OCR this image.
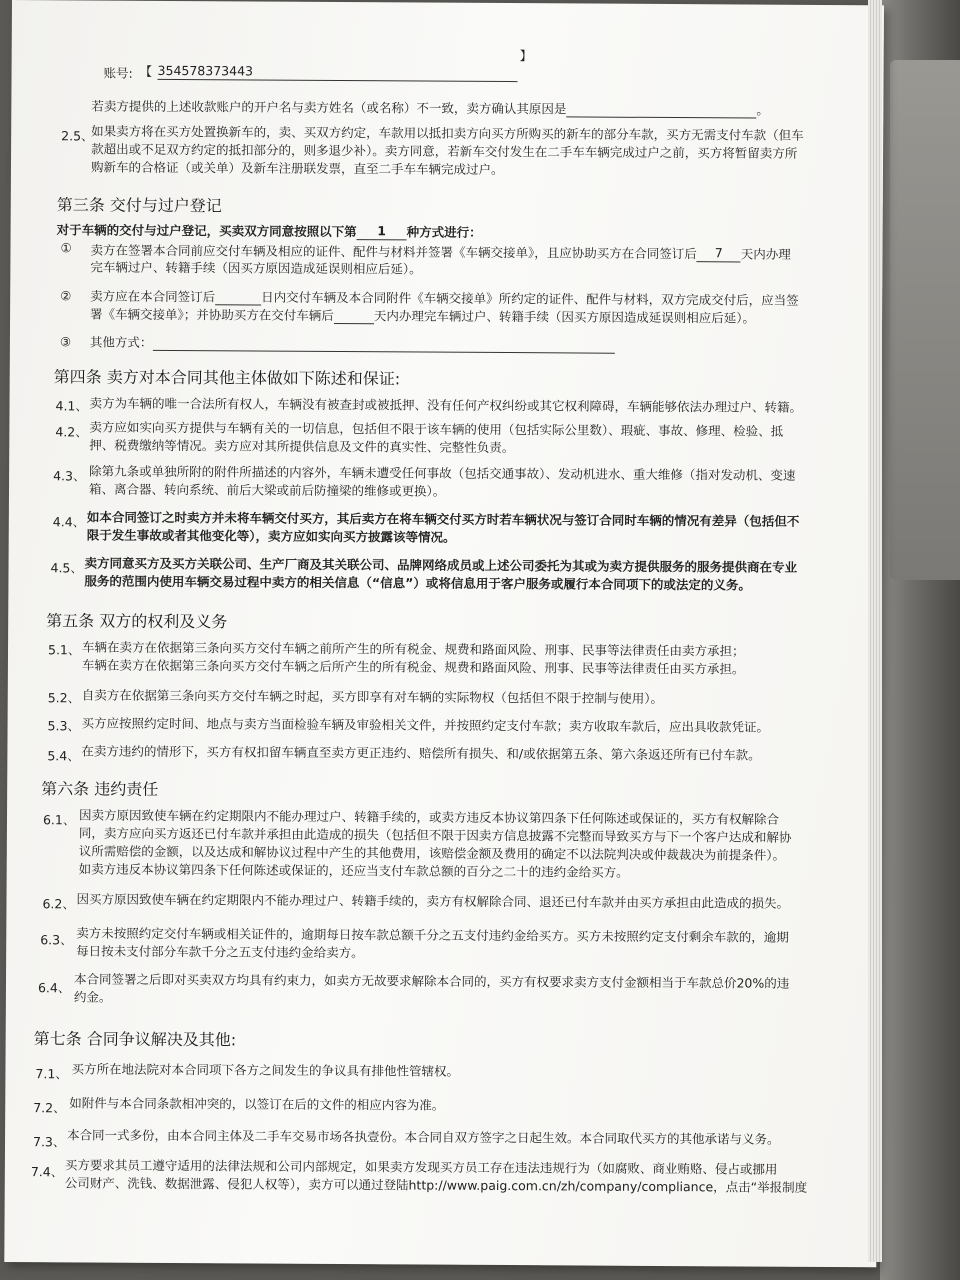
账号: 【 354578373443
】
若卖方提供的上述收款账户的开户名与卖方姓名（或名称）不一致，卖方确认其原因是	。
2.5、
如果卖方将在买方处置换新车的，卖、买双方约定，车款用以抵扣卖方向买方所购买的新车的部分车款，买方无需支付车款（但车
款超出或不足双方约定的抵扣部分的，则多退少补）。卖方同意，若新车交付发生在二手车车辆完成过户之前，买方将暂留卖方所
购新车的合格证（或关单）及新车注册联发票，直至二手车车辆完成过户。
第三条 交付与过户登记
对于车辆的交付与过户登记，买卖双方同意按照以下第 1 种方式进行：
① 卖方在签署本合同前应交付车辆及相应的证件、配件与材料并签署《车辆交接单》，且应协助买方在合同签订后 7 天内办理
完车辆过户、转籍手续（因买方原因造成延误则相应后延）。
② 卖方应在本合同签订后	日内交付车辆及本合同附件《车辆交接单》所约定的证件、配件与材料，双方完成交付后，应当签
署《车辆交接单》；并协助买方在交付车辆后	天内办理完车辆过户、转籍手续（因买方原因造成延误则相应后延）。
③ 其他方式：
第四条 卖方对本合同其他主体做如下陈述和保证:
4.1、 卖方为车辆的唯一合法所有权人，车辆没有被查封或被抵押、没有任何产权纠纷或其它权利障碍，车辆能够依法办理过户、转籍。
4.2、 卖方应如实向买方提供与车辆有关的一切信息，包括但不限于该车辆的使用（包括实际公里数）、瑕疵、事故、修理、检验、抵
押、税费缴纳等情况。卖方应对其所提供信息及文件的真实性、完整性负责。
4.3、 除第九条或单独所附的附件所描述的内容外，车辆未遭受任何事故（包括交通事故）、发动机进水、重大维修（指对发动机、变速
箱、离合器、转向系统、前后大梁或前后防撞梁的维修或更换）。
4.4、 如本合同签订之时卖方并未将车辆交付买方，其后卖方在将车辆交付买方时若车辆状况与签订合同时车辆的情况有差异（包括但不
限于发生事故或者其他变化等），卖方应如实向买方披露该等情况。
4.5、 卖方同意买方及买方关联公司、生产厂商及其关联公司、品牌网络成员或上述公司委托为其或为卖方提供服务的服务提供商在专业
服务的范围内使用车辆交易过程中卖方的相关信息（“信息”）或将信息用于客户服务或履行本合同项下的或法定的义务。
第五条 双方的权利及义务
5.1、 车辆在卖方在依据第三条向买方交付车辆之前所产生的所有税金、规费和路面风险、刑事、民事等法律责任由卖方承担；
车辆在卖方在依据第三条向买方交付车辆之后所产生的所有税金、规费和路面风险、刑事、民事等法律责任由买方承担。
5.2、 自卖方在依据第三条向买方交付车辆之时起，买方即享有对车辆的实际物权（包括但不限于控制与使用）。
5.3、 买方应按照约定时间、地点与卖方当面检验车辆及审验相关文件，并按照约定支付车款；卖方收取车款后，应出具收款凭证。
5.4、 在卖方违约的情形下，买方有权扣留车辆直至卖方更正违约、赔偿所有损失、和/或依据第五条、第六条返还所有已付车款。
第六条 违约责任
6.1、 因卖方原因致使车辆在约定期限内不能办理过户、转籍手续的，或卖方违反本协议第四条下任何陈述或保证的，买方有权解除合
同，卖方应向买方返还已付车款并承担由此造成的损失（包括但不限于因卖方信息披露不完整而导致买方与下一个客户达成和解协
议所需赔偿的金额，以及达成和解协议过程中产生的其他费用，该赔偿金额及费用的确定不以法院判决或仲裁裁决为前提条件）。
如卖方违反本协议第四条下任何陈述或保证的，还应当支付车款总额的百分之二十的违约金给买方。
6.2、 因买方原因致使车辆在约定期限内不能办理过户、转籍手续的，卖方有权解除合同、退还已付车款并由买方承担由此造成的损失。
6.3、 卖方未按照约定交付车辆或相关证件的，逾期每日按车款总额千分之五支付违约金给买方。买方未按照约定支付剩余车款的，逾期
每日按未支付部分车款千分之五支付违约金给卖方。
6.4、 本合同签署之后即对买卖双方均具有约束力，如卖方无故要求解除本合同的，买方有权要求卖方支付金额相当于车款总价20%的违
约金。
第七条 合同争议解决及其他:
7.1、 买方所在地法院对本合同项下各方之间发生的争议具有排他性管辖权。
7.2、 如附件与本合同条款相冲突的，以签订在后的文件的相应内容为准。
7.3、 本合同一式多份，由本合同主体及二手车交易市场各执壹份。本合同自双方签字之日起生效。本合同取代买方的其他承诺与义务。
7.4、 买方要求其员工遵守适用的法律法规和公司内部规定，如果卖方发现买方员工存在违法违规行为（如腐败、商业贿赂、侵占或挪用
公司财产、洗钱、数据泄露、侵犯人权等），卖方可以通过登陆http://www.paig.com.cn/zh/company/compliance，点击“举报制度
